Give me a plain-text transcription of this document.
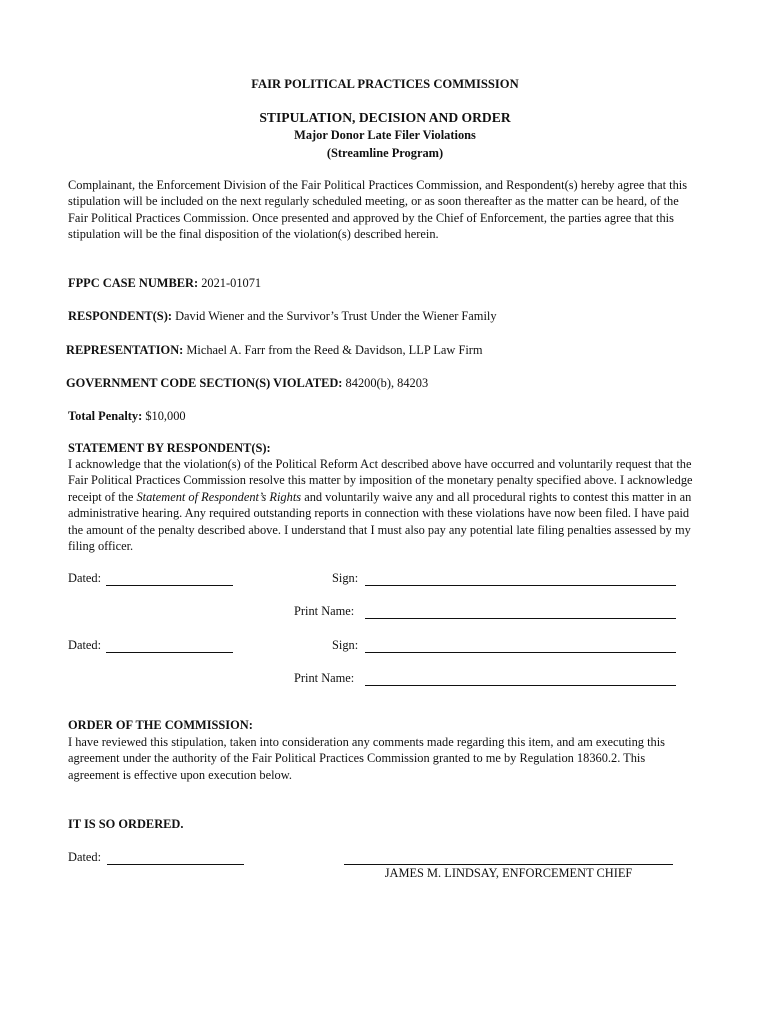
FAIR POLITICAL PRACTICES COMMISSION
STIPULATION, DECISION AND ORDER
Major Donor Late Filer Violations
(Streamline Program)
Complainant, the Enforcement Division of the Fair Political Practices Commission, and Respondent(s) hereby agree that this stipulation will be included on the next regularly scheduled meeting, or as soon thereafter as the matter can be heard, of the Fair Political Practices Commission. Once presented and approved by the Chief of Enforcement, the parties agree that this stipulation will be the final disposition of the violation(s) described herein.
FPPC CASE NUMBER: 2021-01071
RESPONDENT(S): David Wiener and the Survivor’s Trust Under the Wiener Family
REPRESENTATION: Michael A. Farr from the Reed & Davidson, LLP Law Firm
GOVERNMENT CODE SECTION(S) VIOLATED: 84200(b), 84203
Total Penalty: $10,000
STATEMENT BY RESPONDENT(S):
I acknowledge that the violation(s) of the Political Reform Act described above have occurred and voluntarily request that the Fair Political Practices Commission resolve this matter by imposition of the monetary penalty specified above. I acknowledge receipt of the Statement of Respondent’s Rights and voluntarily waive any and all procedural rights to contest this matter in an administrative hearing. Any required outstanding reports in connection with these violations have now been filed. I have paid the amount of the penalty described above. I understand that I must also pay any potential late filing penalties assessed by my filing officer.
Dated:	Sign:
Print Name:
Dated:	Sign:
Print Name:
ORDER OF THE COMMISSION:
I have reviewed this stipulation, taken into consideration any comments made regarding this item, and am executing this agreement under the authority of the Fair Political Practices Commission granted to me by Regulation 18360.2. This agreement is effective upon execution below.
IT IS SO ORDERED.
Dated:
JAMES M. LINDSAY, ENFORCEMENT CHIEF
